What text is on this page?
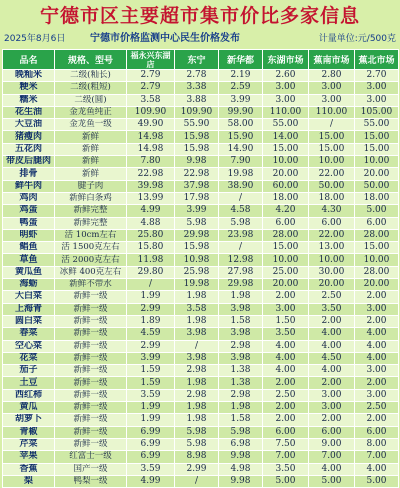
宁德市区主要超市集市价比多家信息
2025年8月6日 宁德市价格监测中心民生价格发布	计量单位:元/500克
品名	规格、型号	福永兴东湖店	东宁	新华都	东湖市场	蕉南市场	蕉北市场
晚籼米	二级(籼长)	2.79	2.78	2.19	2.60	2.80	2.70
粳米	二级(粗短)	2.79	3.38	2.59	3.00	3.00	3.00
糯米	二级(圆)	3.58	3.88	3.99	3.00	3.00	3.00
花生油	金龙鱼纯正	109.90	109.90	99.90	110.00	110.00	105.00
大豆油	金龙鱼一级	49.90	55.90	58.00	55.00	/	55.00
猪瘦肉	新鲜	14.98	15.98	15.90	14.00	15.00	15.00
五花肉	新鲜	14.98	15.98	14.90	15.00	15.00	15.00
带皮后腿肉	新鲜	7.80	9.98	7.90	10.00	10.00	10.00
排骨	新鲜	22.98	22.98	19.98	20.00	22.00	20.00
鲜牛肉	腱子肉	39.98	37.98	38.90	60.00	50.00	50.00
鸡肉	新鲜白条鸡	13.99	17.98	/	18.00	18.00	18.00
鸡蛋	新鲜完整	4.99	3.99	4.58	4.20	4.30	5.00
鸭蛋	新鲜完整	4.88	5.98	5.98	6.00	6.00	6.00
明虾	活 10cm左右	25.80	29.98	23.98	28.00	22.00	28.00
鲳鱼	活 1500克左右	15.80	15.98	/	15.00	13.00	15.00
草鱼	活 2000克左右	11.98	10.98	12.98	10.00	10.00	10.00
黄瓜鱼	冰鲜 400克左右	29.80	25.98	27.98	25.00	30.00	28.00
海蛎	新鲜不带水	/	19.98	29.98	20.00	20.00	20.00
大白菜	新鲜一级	1.99	1.98	1.98	2.00	2.50	2.00
上海青	新鲜一级	2.99	3.58	3.98	3.00	3.50	3.00
圆白菜	新鲜一级	1.89	1.98	1.58	1.50	2.00	2.00
春菜	新鲜一级	4.59	3.98	3.98	3.50	4.00	4.00
空心菜	新鲜一级	2.99	/	2.98	4.00	4.00	4.00
花菜	新鲜一级	3.99	3.98	3.98	4.00	4.50	4.00
茄子	新鲜一级	1.59	2.98	1.38	4.00	4.00	3.00
土豆	新鲜一级	1.59	1.98	1.38	2.00	2.00	2.00
西红柿	新鲜一级	3.59	2.98	2.98	2.50	3.00	3.00
黄瓜	新鲜一级	1.99	1.98	1.98	2.00	3.00	2.50
胡萝卜	新鲜一级	1.99	1.98	1.58	2.00	2.00	2.00
青椒	新鲜一级	6.99	5.98	5.98	6.00	6.00	6.00
芹菜	新鲜一级	6.99	5.98	6.98	7.50	9.00	8.00
苹果	红富士一级	6.99	8.98	9.98	7.00	7.00	7.00
香蕉	国产一级	3.59	2.99	4.98	3.50	4.00	4.00
梨	鸭梨一级	4.99	/	9.98	5.00	5.00	5.00
